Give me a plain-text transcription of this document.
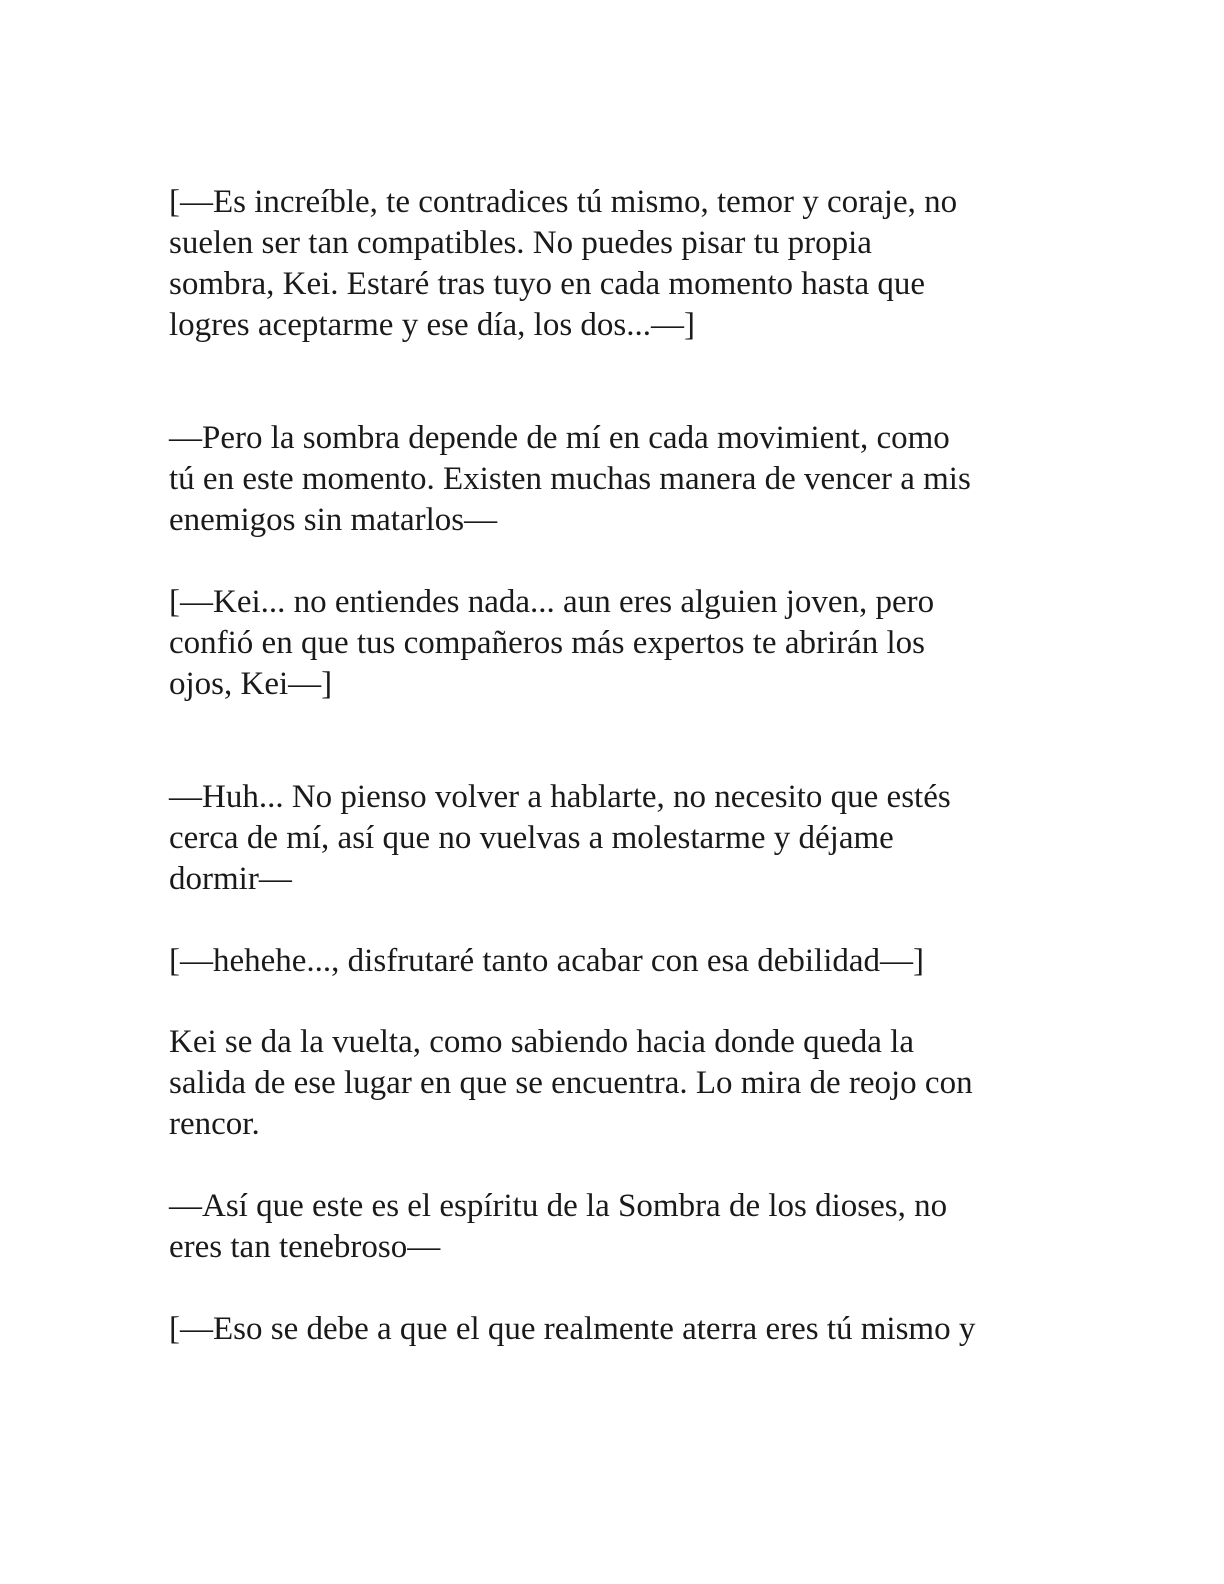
[—Es increíble, te contradices tú mismo, temor y coraje, no

suelen ser tan compatibles. No puedes pisar tu propia

sombra, Kei. Estaré tras tuyo en cada momento hasta que

logres aceptarme y ese día, los dos...—]

—Pero la sombra depende de mí en cada movimient, como

tú en este momento. Existen muchas manera de vencer a mis

enemigos sin matarlos—

[—Kei... no entiendes nada... aun eres alguien joven, pero

confió en que tus compañeros más expertos te abrirán los

ojos, Kei—]

—Huh... No pienso volver a hablarte, no necesito que estés

cerca de mí, así que no vuelvas a molestarme y déjame

dormir—

[—hehehe..., disfrutaré tanto acabar con esa debilidad—]

Kei se da la vuelta, como sabiendo hacia donde queda la

salida de ese lugar en que se encuentra. Lo mira de reojo con

rencor.

—Así que este es el espíritu de la Sombra de los dioses, no

eres tan tenebroso—

[—Eso se debe a que el que realmente aterra eres tú mismo y
